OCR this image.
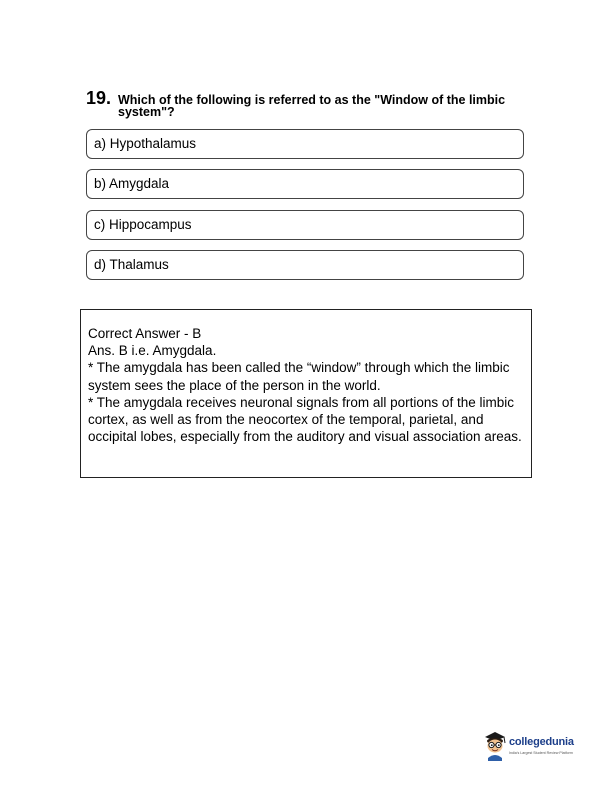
19. Which of the following is referred to as the "Window of the limbic system"?
a) Hypothalamus
b) Amygdala
c) Hippocampus
d) Thalamus

Correct Answer - B

Ans. B i.e. Amygdala.

* The amygdala has been called the “window” through which the limbic system sees the place of the person in the world.

* The amygdala receives neuronal signals from all portions of the limbic cortex, as well as from the neocortex of the temporal, parietal, and occipital lobes, especially from the auditory and visual association areas.

collegedunia
India's Largest Student Review Platform
